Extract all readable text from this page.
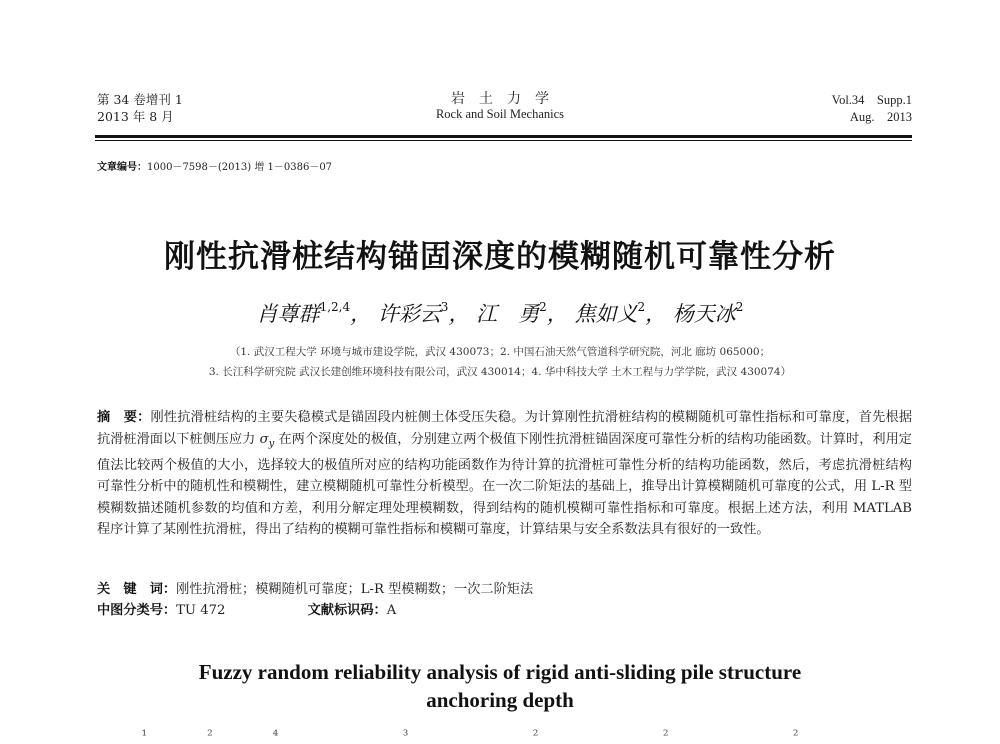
第 34 卷增刊 1
2013 年 8 月
岩　土　力　学
Rock and Soil Mechanics
Vol.34　Supp.1
Aug.　2013
文章编号：1000－7598－(2013) 增 1－0386－07
刚性抗滑桩结构锚固深度的模糊随机可靠性分析
肖尊群$^{1,2,4}$， 许彩云$^3$， 江　勇$^2$， 焦如义$^2$， 杨天冰$^2$
（1. 武汉工程大学 环境与城市建设学院，武汉 430073；2. 中国石油天然气管道科学研究院，河北 廊坊 065000；
3. 长江科学研究院 武汉长建创维环境科技有限公司，武汉 430014；4. 华中科技大学 土木工程与力学学院，武汉 430074）
摘　要：刚性抗滑桩结构的主要失稳模式是锚固段内桩侧土体受压失稳。为计算刚性抗滑桩结构的模糊随机可靠性指标和可靠度，首先根据抗滑桩滑面以下桩侧压应力 $\sigma_y$ 在两个深度处的极值，分别建立两个极值下刚性抗滑桩锚固深度可靠性分析的结构功能函数。计算时，利用定值法比较两个极值的大小，选择较大的极值所对应的结构功能函数作为待计算的抗滑桩可靠性分析的结构功能函数，然后，考虑抗滑桩结构可靠性分析中的随机性和模糊性，建立模糊随机可靠性分析模型。在一次二阶矩法的基础上，推导出计算模糊随机可靠度的公式，用 L-R 型模糊数描述随机参数的均值和方差，利用分解定理处理模糊数，得到结构的随机模糊可靠性指标和可靠度。根据上述方法，利用 MATLAB 程序计算了某刚性抗滑桩，得出了结构的模糊可靠性指标和模糊可靠度，计算结果与安全系数法具有很好的一致性。
关　键　词：刚性抗滑桩；模糊随机可靠度；L-R 型模糊数；一次二阶矩法
中图分类号：TU 472	文献标识码：A
Fuzzy random reliability analysis of rigid anti-sliding pile structure
anchoring depth
¹²⁴ ³ ² ² ²
